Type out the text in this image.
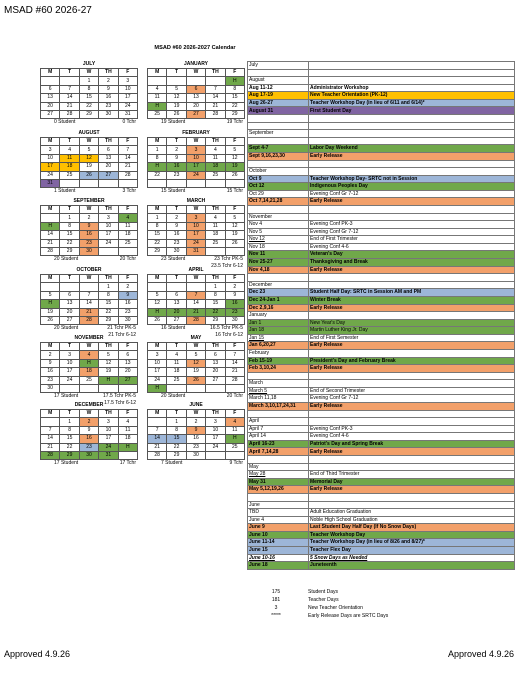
MSAD #60 2026-27
MSAD #60 2026-2027 Calendar
JULY
M	T	W	TH	F
		1	2	3
6	7	8	9	10
13	14	15	16	17
20	21	22	23	24
27	28	29	30	31
0 Student	0 Tchr
AUGUST
M	T	W	TH	F
3	4	5	6	7
10	11	12	13	14
17	18	19	20	21
24	25	26	27	28
31				
1 Student	3 Tchr
SEPTEMBER
M	T	W	TH	F
	1	2	3	4
H	8	9	10	11
14	15	16	17	18
21	22	23	24	25
28	29	30		
20 Student	20 Tchr
OCTOBER
M	T	W	TH	F
			1	2
5	6	7	8	9
H	13	14	15	16
19	20	21	22	23
26	27	28	29	30
20 Student	21 Tchr PK-5
21 Tchr 6-12
NOVEMBER
M	T	W	TH	F
2	3	4	5	6
9	10	H	12	13
16	17	18	19	20
23	24	25	H	27
30				
17 Student	17.5 Tchr PK-5
17.5 Tchr 6-12
DECEMBER
M	T	W	TH	F
	1	2	3	4
7	8	9	10	11
14	15	16	17	18
21	22	23	24	H
28	29	30	31	
17 Student	17 Tchr
JANUARY
M	T	W	TH	F
				H
4	5	6	7	8
11	12	13	14	15
H	19	20	21	22
25	26	27	28	29
19 Student	19 Tchr
FEBRUARY
M	T	W	TH	F
1	2	3	4	5
8	9	10	11	12
H	16	17	18	19
22	23	24	25	26

15 Student	15 Tchr
MARCH
M	T	W	TH	F
1	2	3	4	5
8	9	10	11	12
15	16	17	18	19
22	23	24	25	26
29	30	31		
23 Student	23 Tchr PK-5
23.5 Tchr 6-12
APRIL
M	T	W	TH	F
			1	2
5	6	7	8	9
12	13	14	15	16
H	20	21	22	23
26	27	28	29	30
16 Student	16.5 Tchr PK-5
16 Tchr 6-12
MAY
M	T	W	TH	F
3	4	5	6	7
10	11	12	13	14
17	18	19	20	21
24	25	26	27	28
H				
20 Student	20 Tchr
JUNE
M	T	W	TH	F
	1	2	3	4
7	8	9	10	11
14	15	16	17	H
21	22	23	24	25
28	29	30		
7 Student	9 Tchr
July	

August	
Aug 11-12	Administrator Workshop
Aug 17-19	New Teacher Orientation (PK-12)
Aug 26-27	Teacher Workshop Day (in lieu of 6/11 and 6/14)*
August 31	First Student Day

September	

Sept 4-7	Labor Day Weekend
Sept 9,16,23,30	Early Release

October	
Oct 9	Teacher Workshop Day- SRTC not in Session
Oct 12	Indigenous Peoples Day
Oct 29	Evening Conf Gr 7-12
Oct 7,14,21,28	Early Release

November	
Nov 4	Evening Conf PK-3
Nov 5	Evening Conf Gr 7-12
Nov 12	End of First Trimester
Nov 18	Evening Conf 4-6
Nov 11	Veteran's Day
Nov 25-27	Thanksgiving and Break
Nov 4,18	Early Release

December	
Dec 23	Student Half Day: SRTC in Session AM and PM
Dec 24-Jan 1	Winter Break
Dec 2,9,16	Early Release
January	
Jan 1	New Year's Day
Jan 18	Martin Luther King Jr. Day
Jan 15	End of First Semester
Jan 6,20,27	Early Release
February	
Feb 15-19	President's Day and February Break
Feb 3,10,24	Early Release

March	
March 5	End of Second Trimester
March 11,18	Evening Conf Gr 7-12
March 3,10,17,24,31	Early Release

April	
April 7	Evening Conf PK-3
April 14	Evening Conf 4-6
April 16-23	Patriot's Day and Spring Break
April 7,14,28	Early Release

May	
May 28	End of Third Trimester
May 31	Memorial Day
May 5,12,19,26	Early Release

June	
TBD	Adult Education Graduation
June 4	Noble High School Graduation
June 9	Last Student Day Half Day (If No Snow Days)
June 10	Teacher Workshop Day
June 11-14	Teacher Workshop Day (in lieu of 8/26 and 8/27)*
June 15	Teacher Flex Day
June 10-16	5 Snow Days as Needed
June 18	Juneteenth
175	Student Days
181	Teacher Days
3	New Teacher Orientation
*****	Early Release Days are SRTC Days
Approved 4.9.26	Approved 4.9.26
